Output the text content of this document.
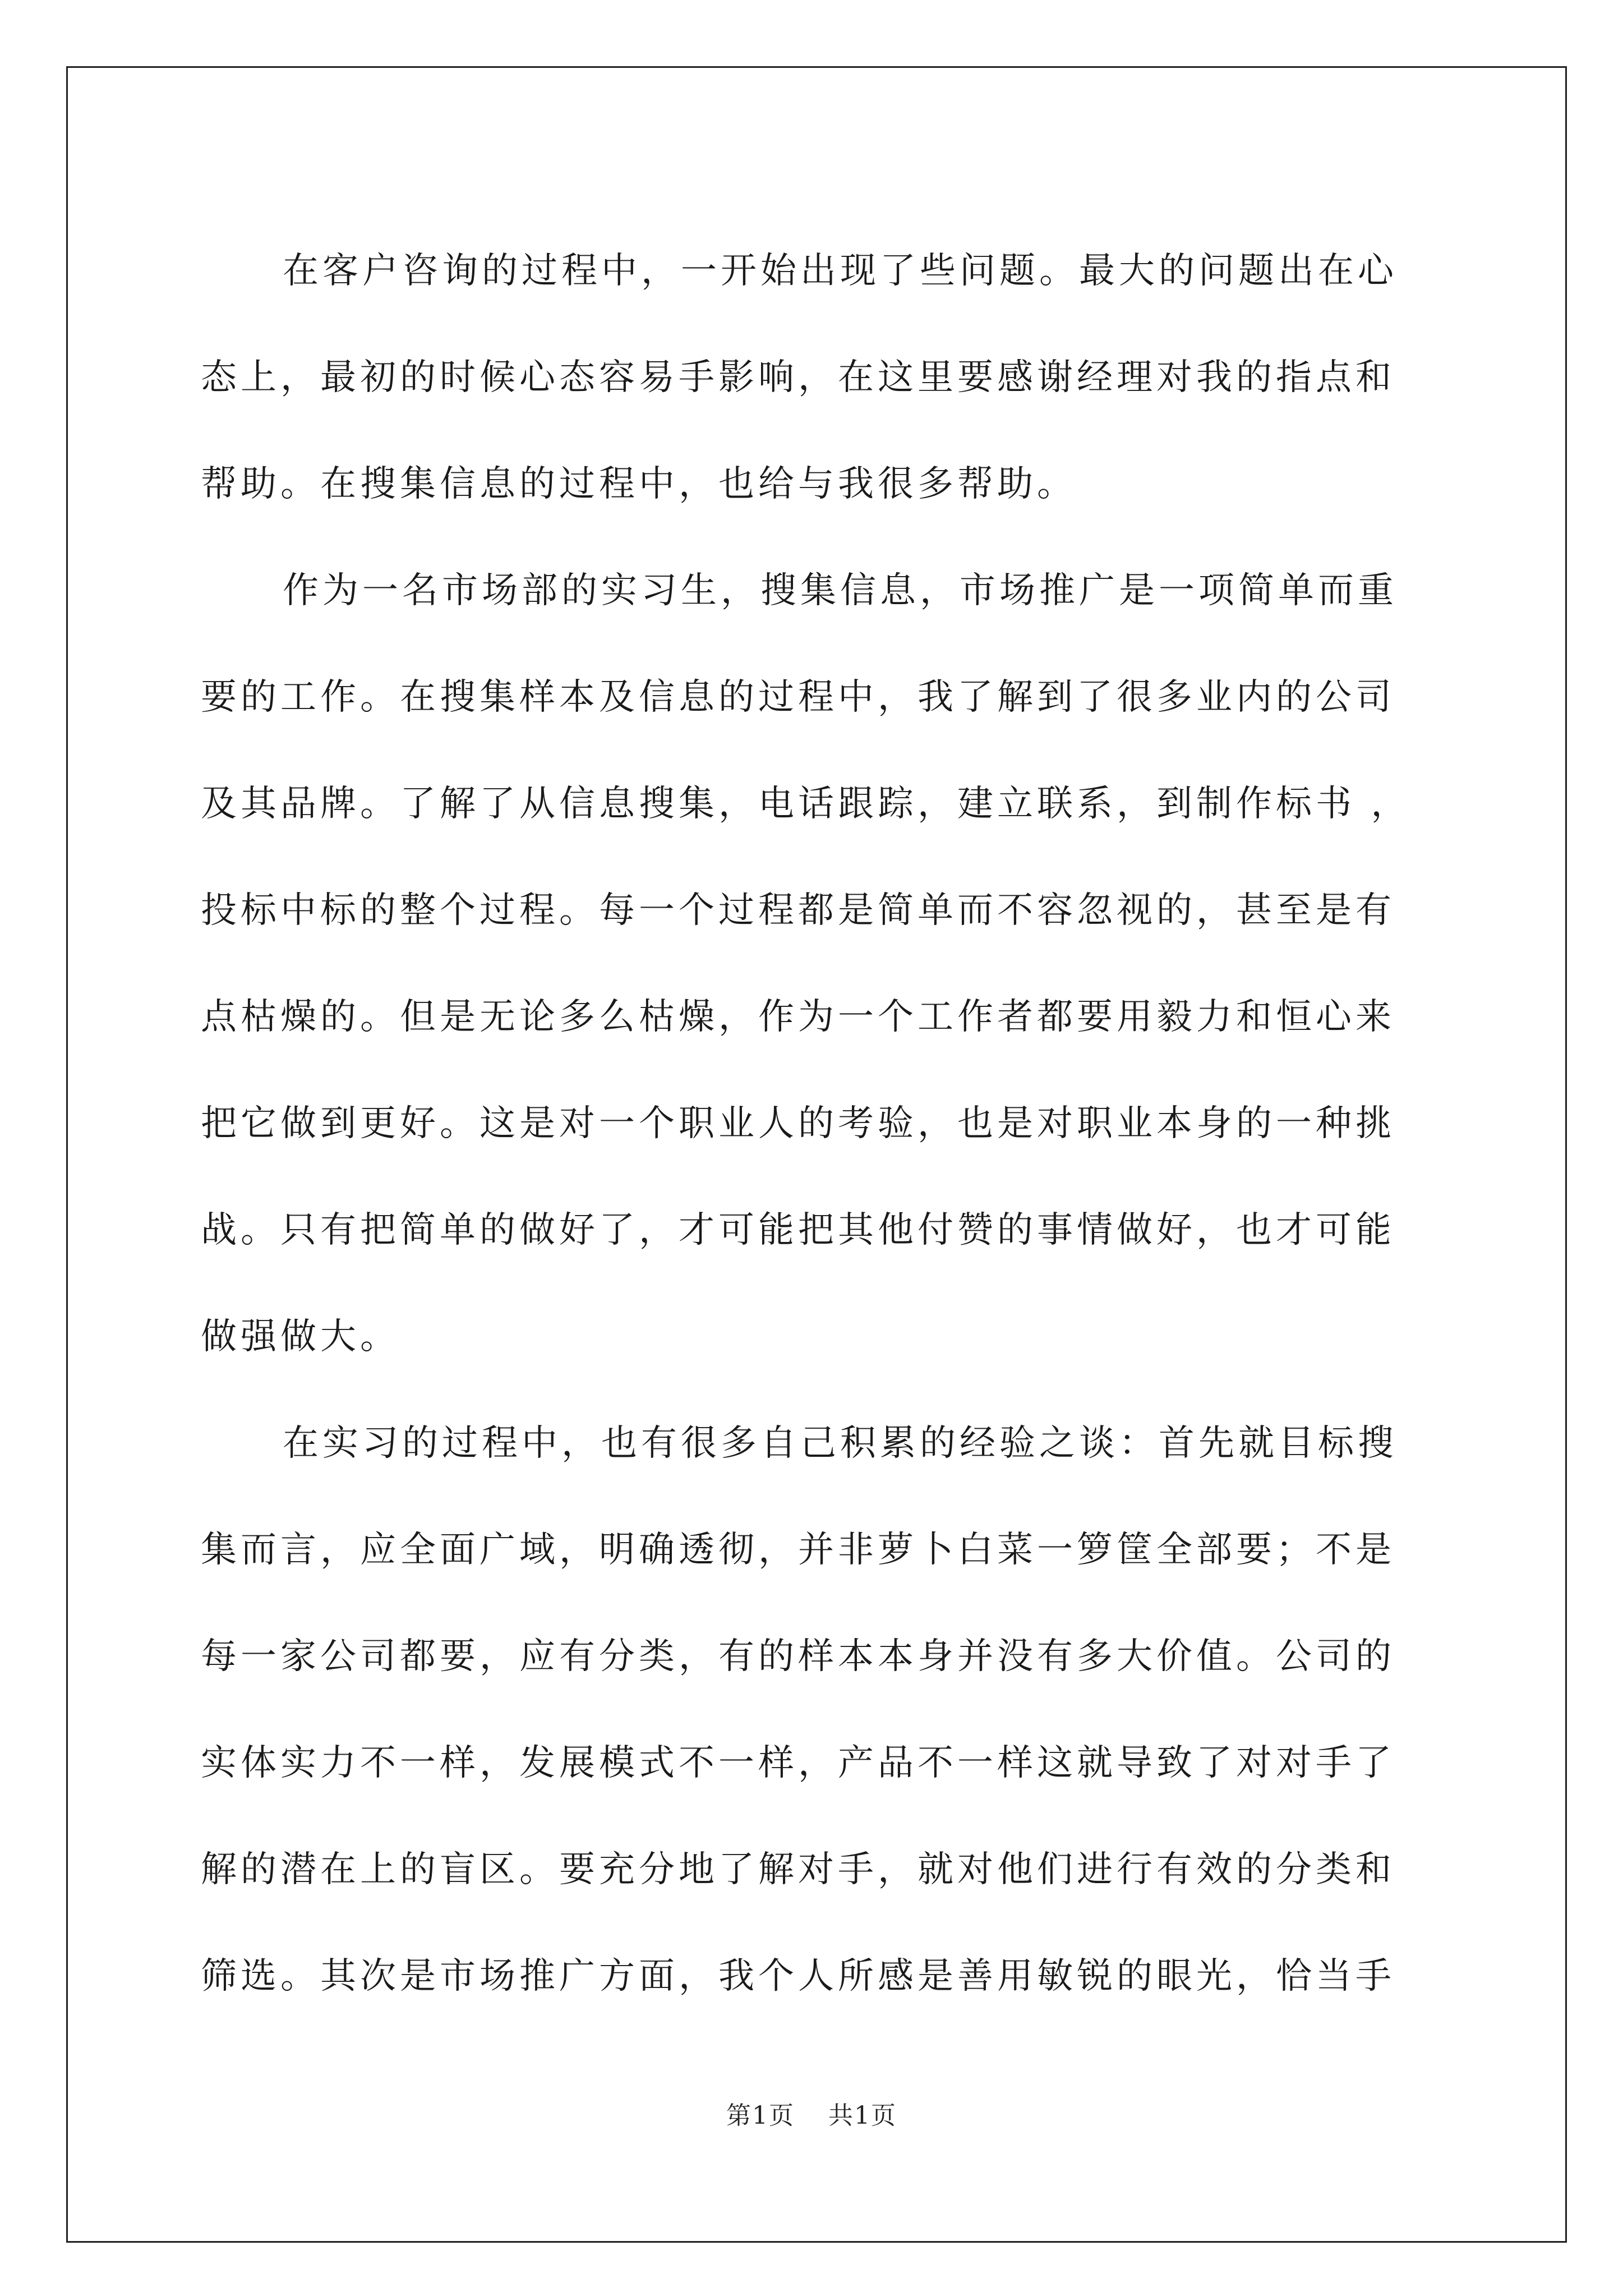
在客户咨询的过程中，一开始出现了些问题。最大的问题出在心
态上，最初的时候心态容易手影响，在这里要感谢经理对我的指点和
帮助。在搜集信息的过程中，也给与我很多帮助。

作为一名市场部的实习生，搜集信息，市场推广是一项简单而重
要的工作。在搜集样本及信息的过程中，我了解到了很多业内的公司
及其品牌。了解了从信息搜集，电话跟踪，建立联系，到制作标书 ，
投标中标的整个过程。每一个过程都是简单而不容忽视的，甚至是有
点枯燥的。但是无论多么枯燥，作为一个工作者都要用毅力和恒心来
把它做到更好。这是对一个职业人的考验，也是对职业本身的一种挑
战。只有把简单的做好了，才可能把其他付赞的事情做好，也才可能
做强做大。

在实习的过程中，也有很多自己积累的经验之谈：首先就目标搜
集而言，应全面广域，明确透彻，并非萝卜白菜一箩筐全部要；不是
每一家公司都要，应有分类，有的样本本身并没有多大价值。公司的
实体实力不一样，发展模式不一样，产品不一样这就导致了对对手了
解的潜在上的盲区。要充分地了解对手，就对他们进行有效的分类和
筛选。其次是市场推广方面，我个人所感是善用敏锐的眼光，恰当手

第1页 共1页
